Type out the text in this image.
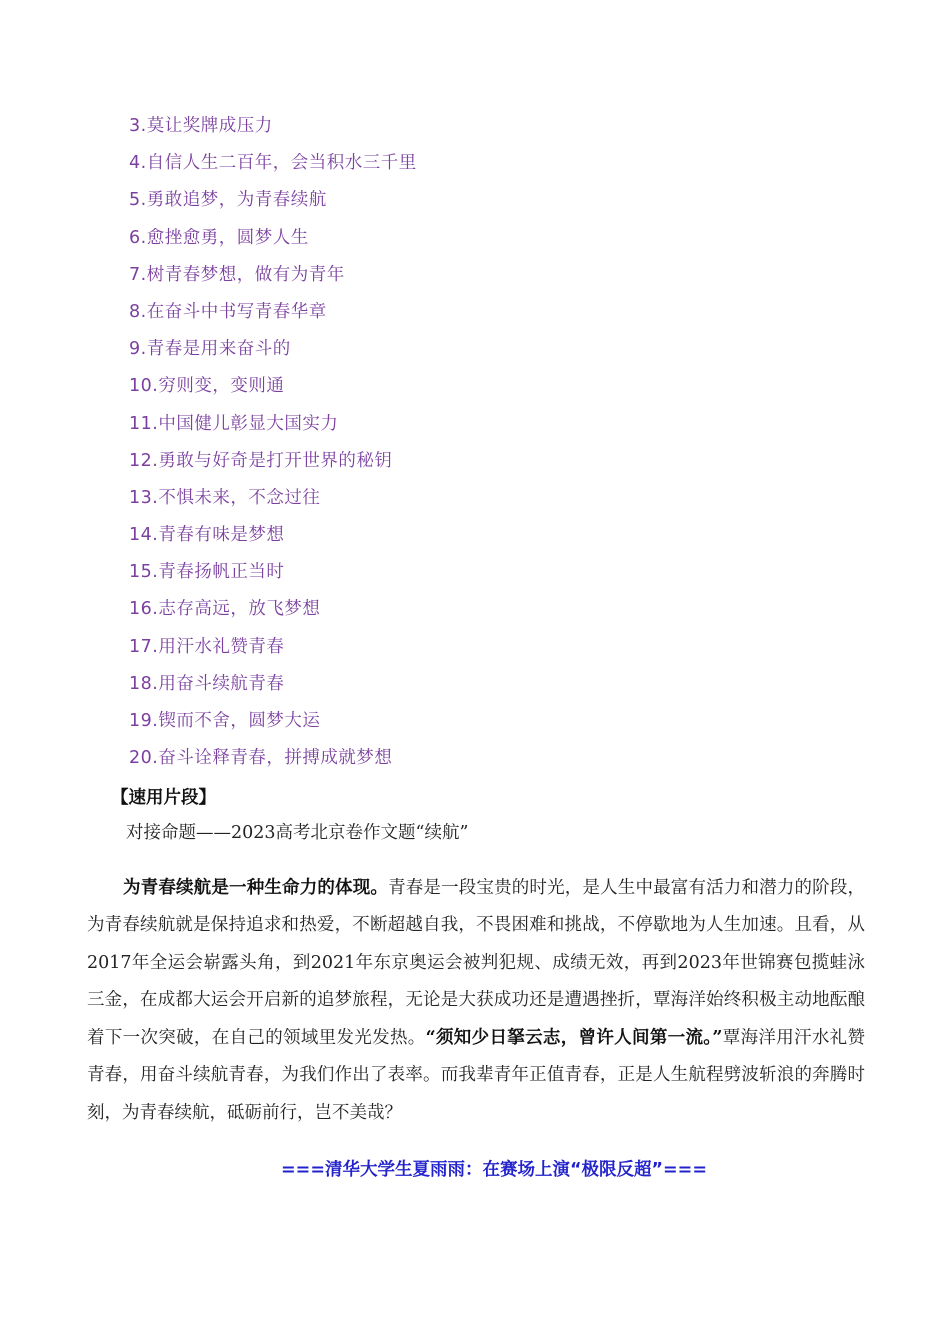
3.莫让奖牌成压力
4.自信人生二百年，会当积水三千里
5.勇敢追梦，为青春续航
6.愈挫愈勇，圆梦人生
7.树青春梦想，做有为青年
8.在奋斗中书写青春华章
9.青春是用来奋斗的
10.穷则变，变则通
11.中国健儿彰显大国实力
12.勇敢与好奇是打开世界的秘钥
13.不惧未来，不念过往
14.青春有味是梦想
15.青春扬帆正当时
16.志存高远，放飞梦想
17.用汗水礼赞青春
18.用奋斗续航青春
19.锲而不舍，圆梦大运
20.奋斗诠释青春，拼搏成就梦想
【速用片段】
对接命题——2023高考北京卷作文题“续航”

为青春续航是一种生命力的体现。青春是一段宝贵的时光，是人生中最富有活力和潜力的阶段，为青春续航就是保持追求和热爱，不断超越自我，不畏困难和挑战，不停歇地为人生加速。且看，从2017年全运会崭露头角，到2021年东京奥运会被判犯规、成绩无效，再到2023年世锦赛包揽蛙泳三金，在成都大运会开启新的追梦旅程，无论是大获成功还是遭遇挫折，覃海洋始终积极主动地酝酿着下一次突破，在自己的领域里发光发热。“须知少日拏云志，曾许人间第一流。”覃海洋用汗水礼赞青春，用奋斗续航青春，为我们作出了表率。而我辈青年正值青春，正是人生航程劈波斩浪的奔腾时刻，为青春续航，砥砺前行，岂不美哉？

===清华大学生夏雨雨：在赛场上演“极限反超”===
